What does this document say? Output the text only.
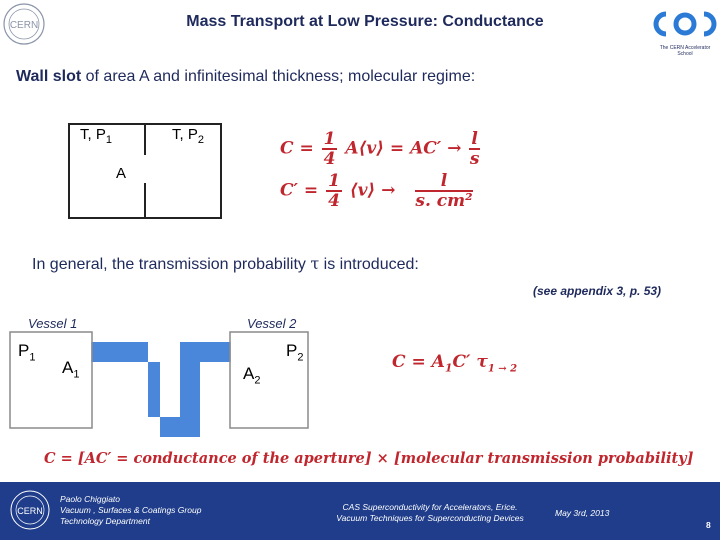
CERN	Mass Transport at Low Pressure: Conductance
The CERN Accelerator School
Wall slot of area A and infinitesimal thickness; molecular regime:
T, $P_1$	T, $P_2$
A
$C = \frac{1}{4}$ A⟨v⟩ = $AC' \to \frac{l}{s}$
$C' = \frac{1}{4}$ ⟨v⟩ → $\frac{l}{\text{s. cm²}}$
In general, the transmission probability τ is introduced:
(see appendix 3, p. 53)
Vessel 1	Vessel 2
$P_1$	$P_2$
$A_1$	$A_2$
$C = A_1C'$ $\tau_{1 \to 2}$
C = [AC′ = conductance of the aperture] × [molecular transmission probability]
CERN
Paolo Chiggiato
Vacuum , Surfaces & Coatings Group
Technology Department
CAS Superconductivity for Accelerators, Erice.
Vacuum Techniques for Superconducting Devices	May 3rd, 2013
8
